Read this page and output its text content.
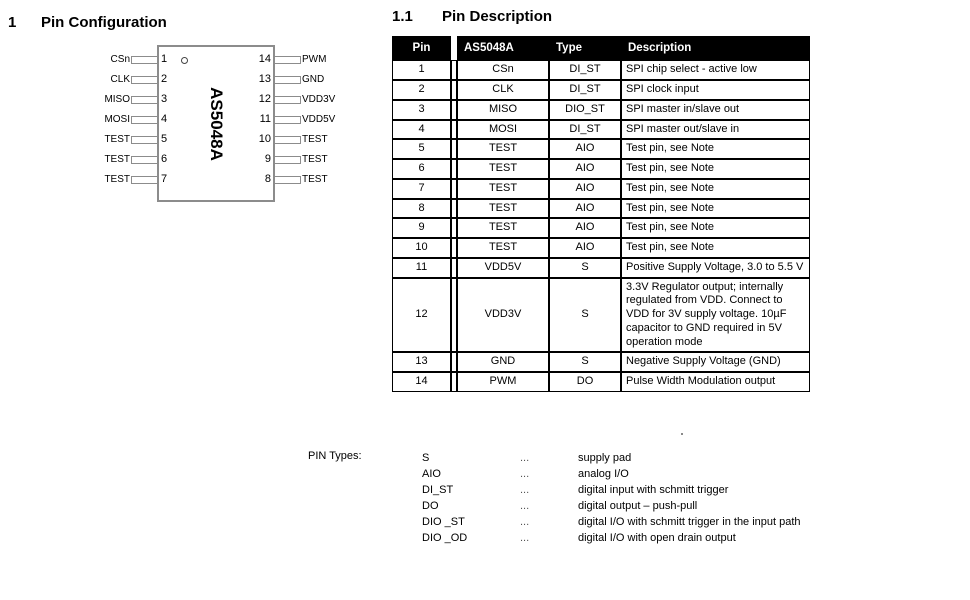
1 Pin Configuration
AS5048A
CSn
CLK
MISO
MOSI
TEST
TEST
TEST
1
2
3
4
5
6
7
PWM
GND
VDD3V
VDD5V
TEST
TEST
TEST
14
13
12
11
10
9
8
1.1 Pin Description
Pin		AS5048A	Type	Description
1		CSn	DI_ST	SPI chip select - active low
2		CLK	DI_ST	SPI clock input
3		MISO	DIO_ST	SPI master in/slave out
4		MOSI	DI_ST	SPI master out/slave in
5		TEST	AIO	Test pin, see Note
6		TEST	AIO	Test pin, see Note
7		TEST	AIO	Test pin, see Note
8		TEST	AIO	Test pin, see Note
9		TEST	AIO	Test pin, see Note
10		TEST	AIO	Test pin, see Note
11		VDD5V	S	Positive Supply Voltage, 3.0 to 5.5 V
12		VDD3V	S	3.3V Regulator output; internally regulated from VDD. Connect to VDD for 3V supply voltage. 10µF capacitor to GND required in 5V operation mode
13		GND	S	Negative Supply Voltage (GND)
14		PWM	DO	Pulse Width Modulation output
PIN Types:	S	...	supply pad
AIO	...	analog I/O
DI_ST	...	digital input with schmitt trigger
DO	...	digital output – push-pull
DIO _ST	...	digital I/O with schmitt trigger in the input path
DIO _OD	...	digital I/O with open drain output
